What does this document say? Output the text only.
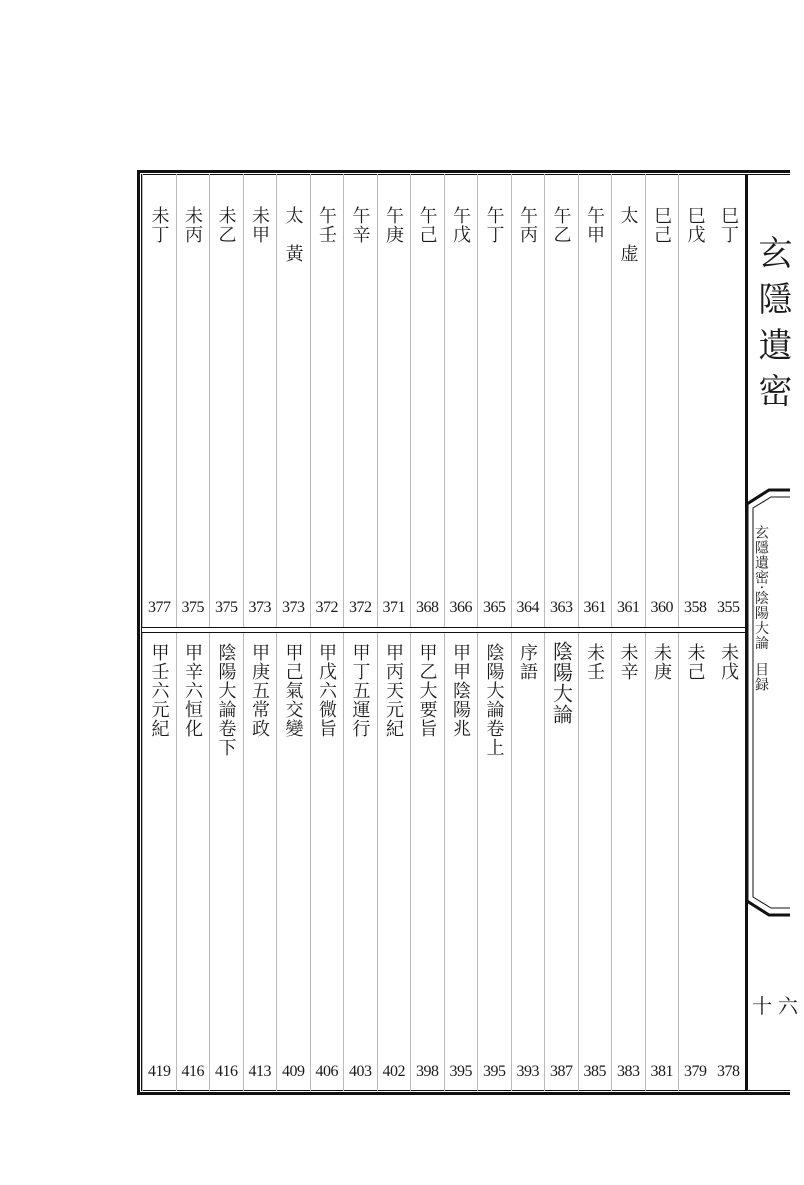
巳丁
355
巳戊
358
巳己
360
太　虚
361
午甲
361
午乙
363
午丙
364
午丁
365
午戊
366
午己
368
午庚
371
午辛
372
午壬
372
太　黃
373
未甲
373
未乙
375
未丙
375
未丁
377
未戊
378
未己
379
未庚
381
未辛
383
未壬
385
陰陽大論
387
序語
393
陰陽大論卷上
395
甲甲陰陽兆
395
甲乙大要旨
398
甲丙天元紀
402
甲丁五運行
403
甲戊六微旨
406
甲己氣交變
409
甲庚五常政
413
陰陽大論卷下
416
甲辛六恒化
416
甲壬六元紀
419
玄隱遺密
玄隱遺密·陰陽大論目録
十六
